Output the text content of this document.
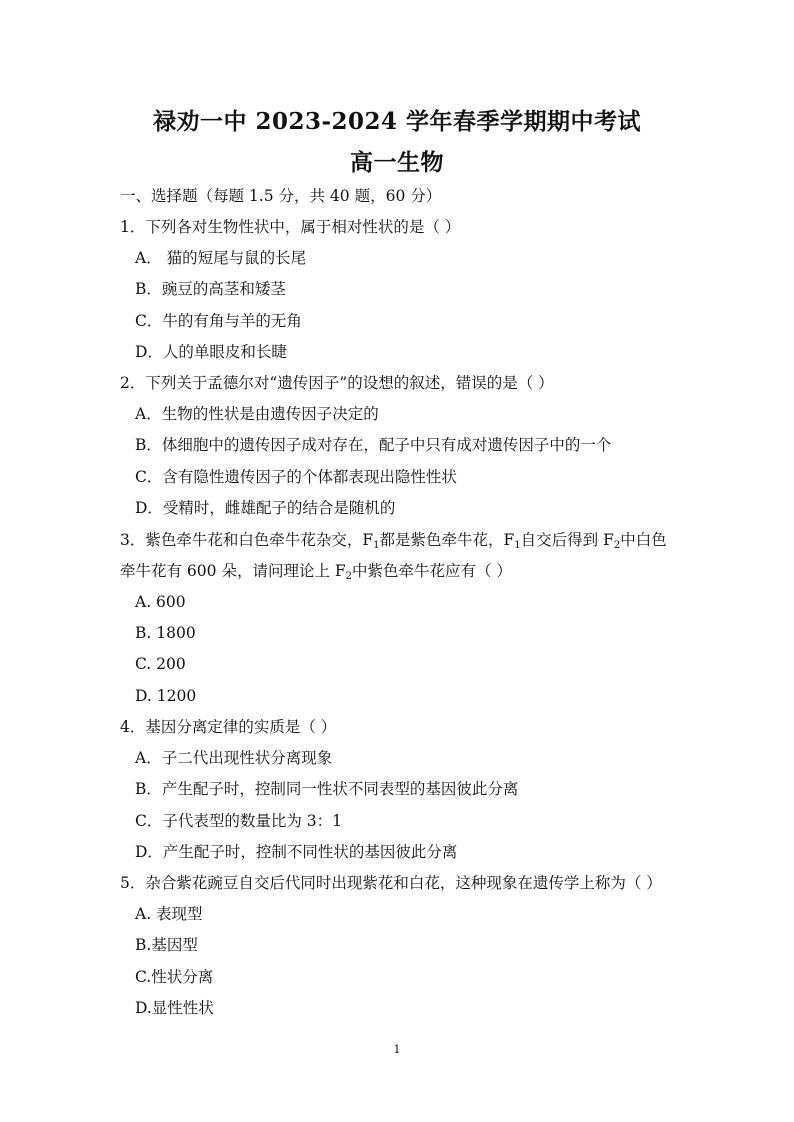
禄劝一中 2023-2024 学年春季学期期中考试
高一生物
一、选择题（每题 1.5 分，共 40 题，60 分）
1．下列各对生物性状中，属于相对性状的是（ ）
A． 猫的短尾与鼠的长尾
B．豌豆的高茎和矮茎
C．牛的有角与羊的无角
D．人的单眼皮和长睫
2．下列关于孟德尔对“遗传因子”的设想的叙述，错误的是（ ）
A．生物的性状是由遗传因子决定的
B．体细胞中的遗传因子成对存在，配子中只有成对遗传因子中的一个
C．含有隐性遗传因子的个体都表现出隐性性状
D．受精时，雌雄配子的结合是随机的
3．紫色牵牛花和白色牵牛花杂交，$F_1$都是紫色牵牛花，$F_1$自交后得到 $F_2$中白色
牵牛花有 600 朵，请问理论上 $F_2$中紫色牵牛花应有（ ）
A. 600
B. 1800
C. 200
D. 1200
4．基因分离定律的实质是（ ）
A．子二代出现性状分离现象
B．产生配子时，控制同一性状不同表型的基因彼此分离
C．子代表型的数量比为 3：1
D．产生配子时，控制不同性状的基因彼此分离
5．杂合紫花豌豆自交后代同时出现紫花和白花，这种现象在遗传学上称为（ ）
A. 表现型
B.基因型
C.性状分离
D.显性性状
1
